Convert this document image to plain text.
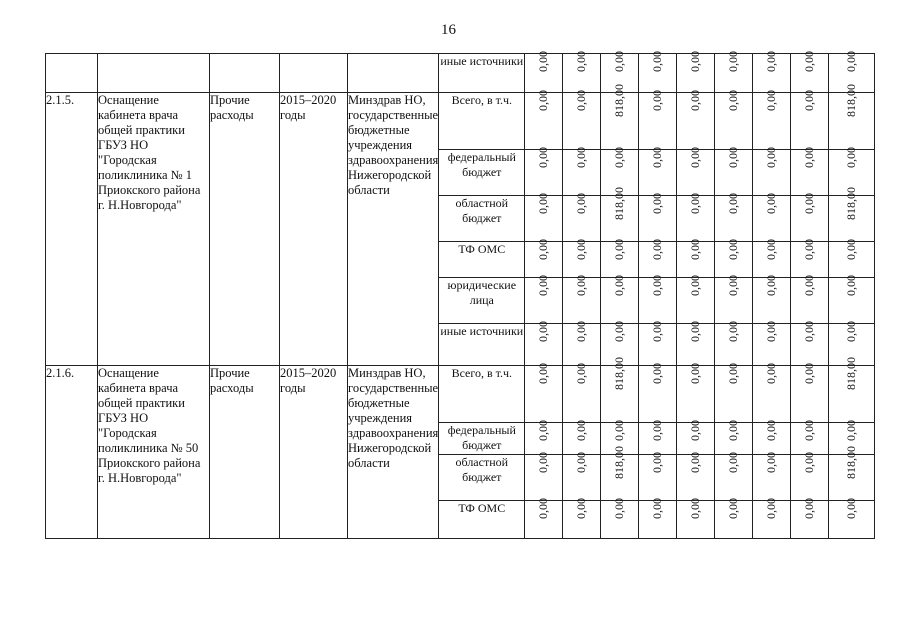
16
					иные источники	0,00	0,00	0,00	0,00	0,00	0,00	0,00	0,00	0,00
2.1.5.	Оснащение кабинета врача общей практики ГБУЗ НО "Городская поликлиника № 1 Приокского района г. Н.Новгорода"	Прочие расходы	2015–2020 годы	Минздрав НО, государственные бюджетные учреждения здравоохранения Нижегородской области	Всего, в т.ч.	0,00	0,00	818,00	0,00	0,00	0,00	0,00	0,00	818,00
					федеральный бюджет	0,00	0,00	0,00	0,00	0,00	0,00	0,00	0,00	0,00
					областной бюджет	0,00	0,00	818,00	0,00	0,00	0,00	0,00	0,00	818,00
					ТФ ОМС	0,00	0,00	0,00	0,00	0,00	0,00	0,00	0,00	0,00
					юридические лица	0,00	0,00	0,00	0,00	0,00	0,00	0,00	0,00	0,00
					иные источники	0,00	0,00	0,00	0,00	0,00	0,00	0,00	0,00	0,00
2.1.6.	Оснащение кабинета врача общей практики ГБУЗ НО "Городская поликлиника № 50 Приокского района г. Н.Новгорода"	Прочие расходы	2015–2020 годы	Минздрав НО, государственные бюджетные учреждения здравоохранения Нижегородской области	Всего, в т.ч.	0,00	0,00	818,00	0,00	0,00	0,00	0,00	0,00	818,00
					федеральный бюджет	0,00	0,00	0,00	0,00	0,00	0,00	0,00	0,00	0,00
					областной бюджет	0,00	0,00	818,00	0,00	0,00	0,00	0,00	0,00	818,00
					ТФ ОМС	0,00	0,00	0,00	0,00	0,00	0,00	0,00	0,00	0,00
